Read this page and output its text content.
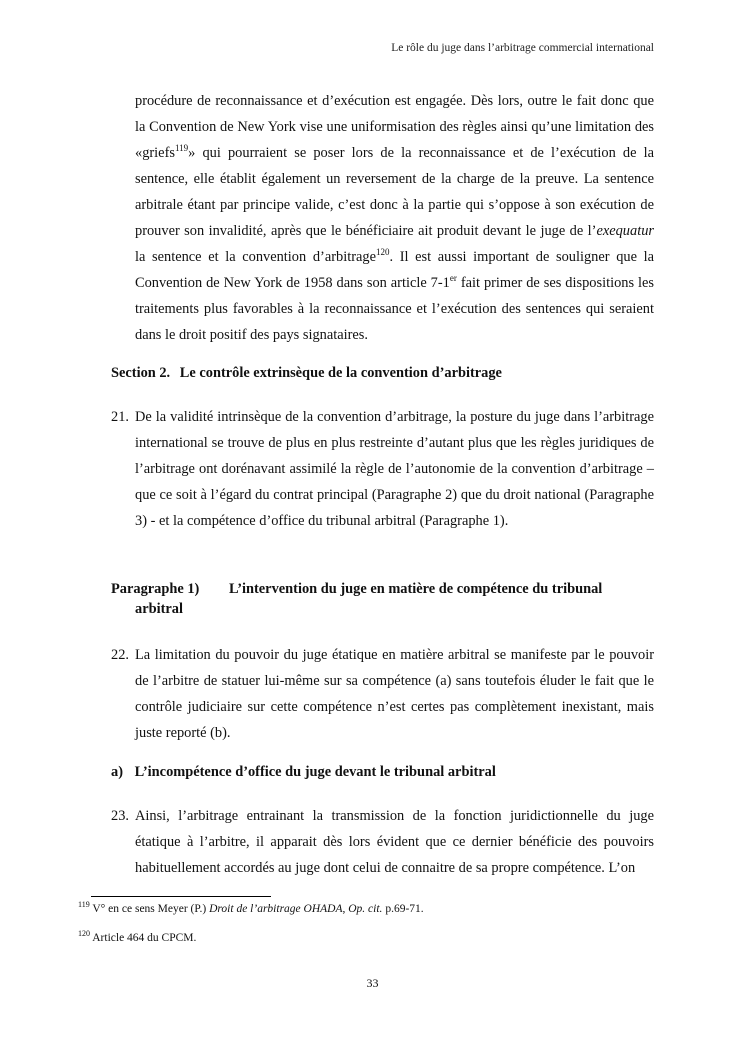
Le rôle du juge dans l’arbitrage commercial international
procédure de reconnaissance et d’exécution est engagée. Dès lors, outre le fait donc que la Convention de New York vise une uniformisation des règles ainsi qu’une limitation des «griefs$^{119}$» qui pourraient se poser lors de la reconnaissance et de l’exécution de la sentence, elle établit également un reversement de la charge de la preuve. La sentence arbitrale étant par principe valide, c’est donc à la partie qui s’oppose à son exécution de prouver son invalidité, après que le bénéficiaire ait produit devant le juge de l’exequatur la sentence et la convention d’arbitrage$^{120}$. Il est aussi important de souligner que la Convention de New York de 1958 dans son article 7-1er fait primer de ses dispositions les traitements plus favorables à la reconnaissance et l’exécution des sentences qui seraient dans le droit positif des pays signataires.
Section 2. Le contrôle extrinsèque de la convention d’arbitrage
21. De la validité intrinsèque de la convention d’arbitrage, la posture du juge dans l’arbitrage international se trouve de plus en plus restreinte d’autant plus que les règles juridiques de l’arbitrage ont dorénavant assimilé la règle de l’autonomie de la convention d’arbitrage – que ce soit à l’égard du contrat principal (Paragraphe 2) que du droit national (Paragraphe 3) - et la compétence d’office du tribunal arbitral (Paragraphe 1).
Paragraphe 1) L’intervention du juge en matière de compétence du tribunal
arbitral
22. La limitation du pouvoir du juge étatique en matière arbitral se manifeste par le pouvoir de l’arbitre de statuer lui-même sur sa compétence (a) sans toutefois éluder le fait que le contrôle judiciaire sur cette compétence n’est certes pas complètement inexistant, mais juste reporté (b).
a) L’incompétence d’office du juge devant le tribunal arbitral
23. Ainsi, l’arbitrage entrainant la transmission de la fonction juridictionnelle du juge étatique à l’arbitre, il apparait dès lors évident que ce dernier bénéficie des pouvoirs habituellement accordés au juge dont celui de connaitre de sa propre compétence. L’on
$^{119}$ V° en ce sens Meyer (P.) Droit de l’arbitrage OHADA, Op. cit. p.69-71.
$^{120}$ Article 464 du CPCM.
33
